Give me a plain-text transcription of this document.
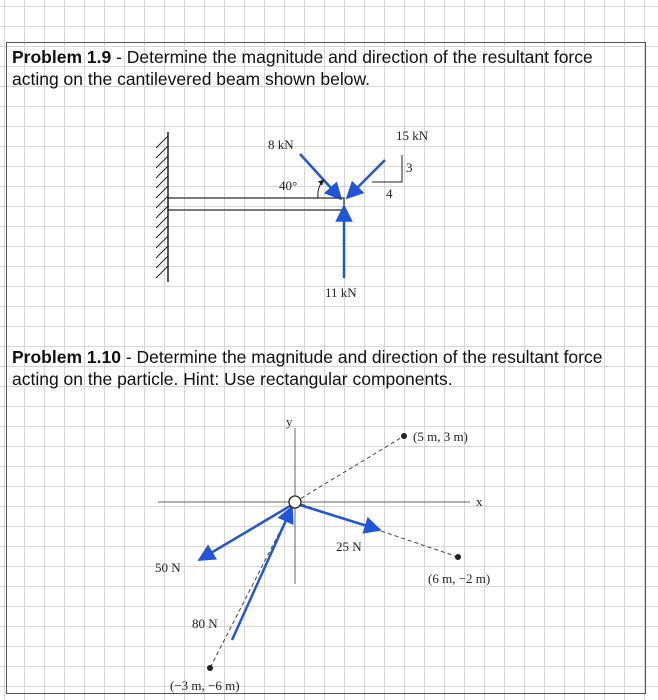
Problem 1.9 - Determine the magnitude and direction of the resultant force acting on the cantilevered beam shown below.

Problem 1.10 - Determine the magnitude and direction of the resultant force acting on the particle. Hint: Use rectangular components.

8 kN
40°
15 kN
3
4
11 kN
y
x
(5 m, 3 m)
(6 m, −2 m)
(−3 m, −6 m)
25 N
50 N
80 N
